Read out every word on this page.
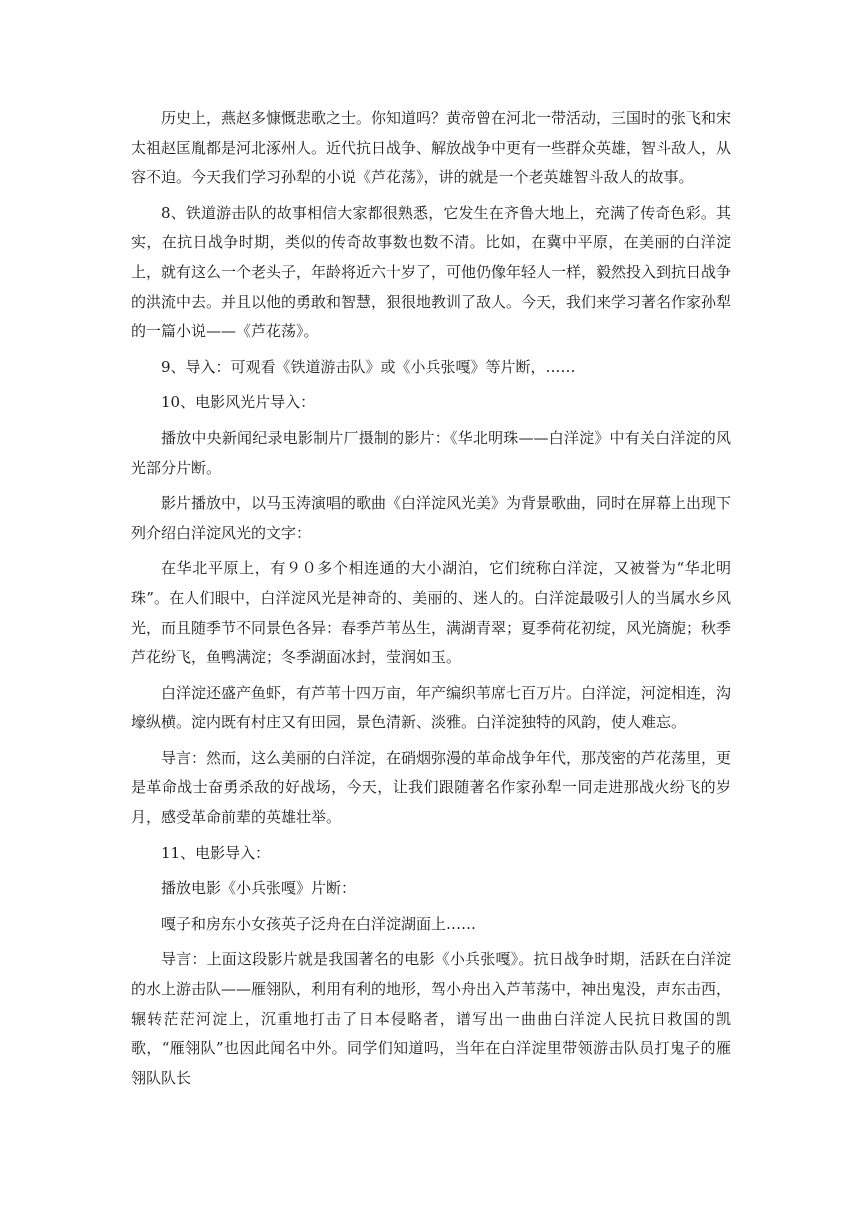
历史上，燕赵多慷慨悲歌之士。你知道吗？黄帝曾在河北一带活动，三国时的张飞和宋太祖赵匡胤都是河北涿州人。近代抗日战争、解放战争中更有一些群众英雄，智斗敌人，从容不迫。今天我们学习孙犁的小说《芦花荡》，讲的就是一个老英雄智斗敌人的故事。

8、铁道游击队的故事相信大家都很熟悉，它发生在齐鲁大地上，充满了传奇色彩。其实，在抗日战争时期，类似的传奇故事数也数不清。比如，在冀中平原，在美丽的白洋淀上，就有这么一个老头子，年龄将近六十岁了，可他仍像年轻人一样，毅然投入到抗日战争的洪流中去。并且以他的勇敢和智慧，狠很地教训了敌人。今天，我们来学习著名作家孙犁的一篇小说——《芦花荡》。

9、导入：可观看《铁道游击队》或《小兵张嘎》等片断，……

10、电影风光片导入：

播放中央新闻纪录电影制片厂摄制的影片：《华北明珠——白洋淀》中有关白洋淀的风光部分片断。

影片播放中，以马玉涛演唱的歌曲《白洋淀风光美》为背景歌曲，同时在屏幕上出现下列介绍白洋淀风光的文字：

在华北平原上，有９０多个相连通的大小湖泊，它们统称白洋淀，又被誉为“华北明珠”。在人们眼中，白洋淀风光是神奇的、美丽的、迷人的。白洋淀最吸引人的当属水乡风光，而且随季节不同景色各异：春季芦苇丛生，满湖青翠；夏季荷花初绽，风光旖旎；秋季芦花纷飞，鱼鸭满淀；冬季湖面冰封，莹润如玉。

白洋淀还盛产鱼虾，有芦苇十四万亩，年产编织苇席七百万片。白洋淀，河淀相连，沟壕纵横。淀内既有村庄又有田园，景色清新、淡雅。白洋淀独特的风韵，使人难忘。

导言：然而，这么美丽的白洋淀，在硝烟弥漫的革命战争年代，那茂密的芦花荡里，更是革命战士奋勇杀敌的好战场，今天，让我们跟随著名作家孙犁一同走进那战火纷飞的岁月，感受革命前辈的英雄壮举。

11、电影导入：

播放电影《小兵张嘎》片断：

嘎子和房东小女孩英子泛舟在白洋淀湖面上……

导言：上面这段影片就是我国著名的电影《小兵张嘎》。抗日战争时期，活跃在白洋淀的水上游击队——雁翎队，利用有利的地形，驾小舟出入芦苇荡中，神出鬼没，声东击西，辗转茫茫河淀上，沉重地打击了日本侵略者，谱写出一曲曲白洋淀人民抗日救国的凯歌，“雁翎队”也因此闻名中外。同学们知道吗，当年在白洋淀里带领游击队员打鬼子的雁翎队队长
